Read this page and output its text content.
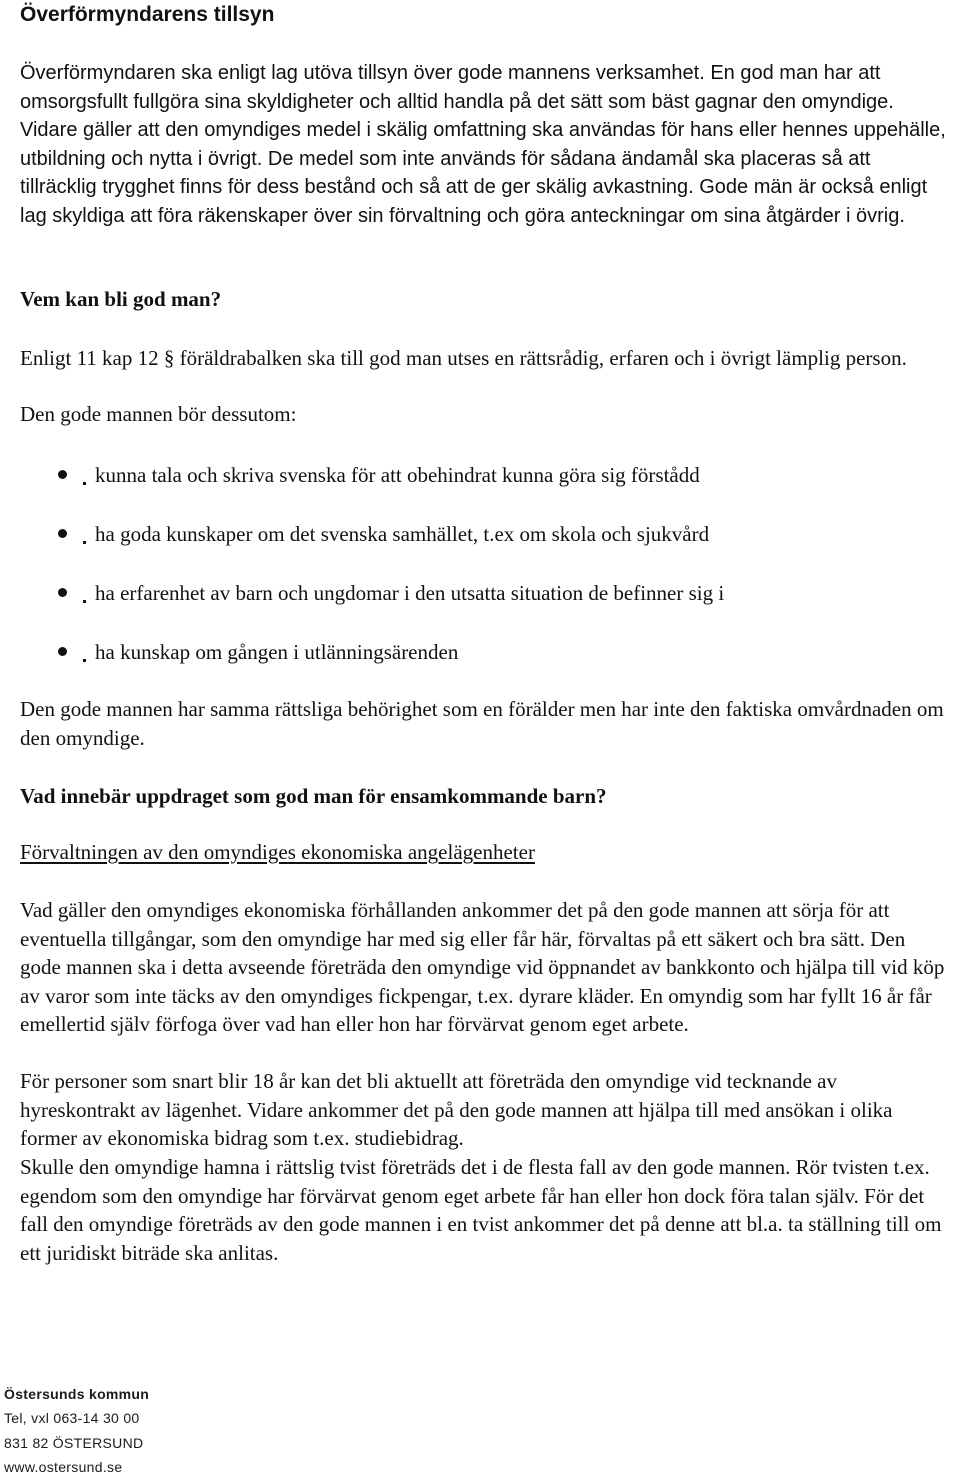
Överförmyndarens tillsyn

Överförmyndaren ska enligt lag utöva tillsyn över gode mannens verksamhet. En god man har att omsorgsfullt fullgöra sina skyldigheter och alltid handla på det sätt som bäst gagnar den omyndige. Vidare gäller att den omyndiges medel i skälig omfattning ska användas för hans eller hennes uppehälle, utbildning och nytta i övrigt. De medel som inte används för sådana ändamål ska placeras så att tillräcklig trygghet finns för dess bestånd och så att de ger skälig avkastning. Gode män är också enligt lag skyldiga att föra räkenskaper över sin förvaltning och göra anteckningar om sina åtgärder i övrig.

Vem kan bli god man?

Enligt 11 kap 12 § föräldrabalken ska till god man utses en rättsrådig, erfaren och i övrigt lämplig person.

Den gode mannen bör dessutom:

kunna tala och skriva svenska för att obehindrat kunna göra sig förstådd
ha goda kunskaper om det svenska samhället, t.ex om skola och sjukvård
ha erfarenhet av barn och ungdomar i den utsatta situation de befinner sig i
ha kunskap om gången i utlänningsärenden

Den gode mannen har samma rättsliga behörighet som en förälder men har inte den faktiska omvårdnaden om den omyndige.

Vad innebär uppdraget som god man för ensamkommande barn?
Förvaltningen av den omyndiges ekonomiska angelägenheter

Vad gäller den omyndiges ekonomiska förhållanden ankommer det på den gode mannen att sörja för att eventuella tillgångar, som den omyndige har med sig eller får här, förvaltas på ett säkert och bra sätt. Den gode mannen ska i detta avseende företräda den omyndige vid öppnandet av bankkonto och hjälpa till vid köp av varor som inte täcks av den omyndiges fickpengar, t.ex. dyrare kläder. En omyndig som har fyllt 16 år får emellertid själv förfoga över vad han eller hon har förvärvat genom eget arbete.

För personer som snart blir 18 år kan det bli aktuellt att företräda den omyndige vid tecknande av hyreskontrakt av lägenhet. Vidare ankommer det på den gode mannen att hjälpa till med ansökan i olika former av ekonomiska bidrag som t.ex. studiebidrag.

Skulle den omyndige hamna i rättslig tvist företräds det i de flesta fall av den gode mannen. Rör tvisten t.ex. egendom som den omyndige har förvärvat genom eget arbete får han eller hon dock föra talan själv. För det fall den omyndige företräds av den gode mannen i en tvist ankommer det på denne att bl.a. ta ställning till om ett juridiskt biträde ska anlitas.

Östersunds kommun
Tel, vxl 063-14 30 00
831 82 ÖSTERSUND
www.ostersund.se
